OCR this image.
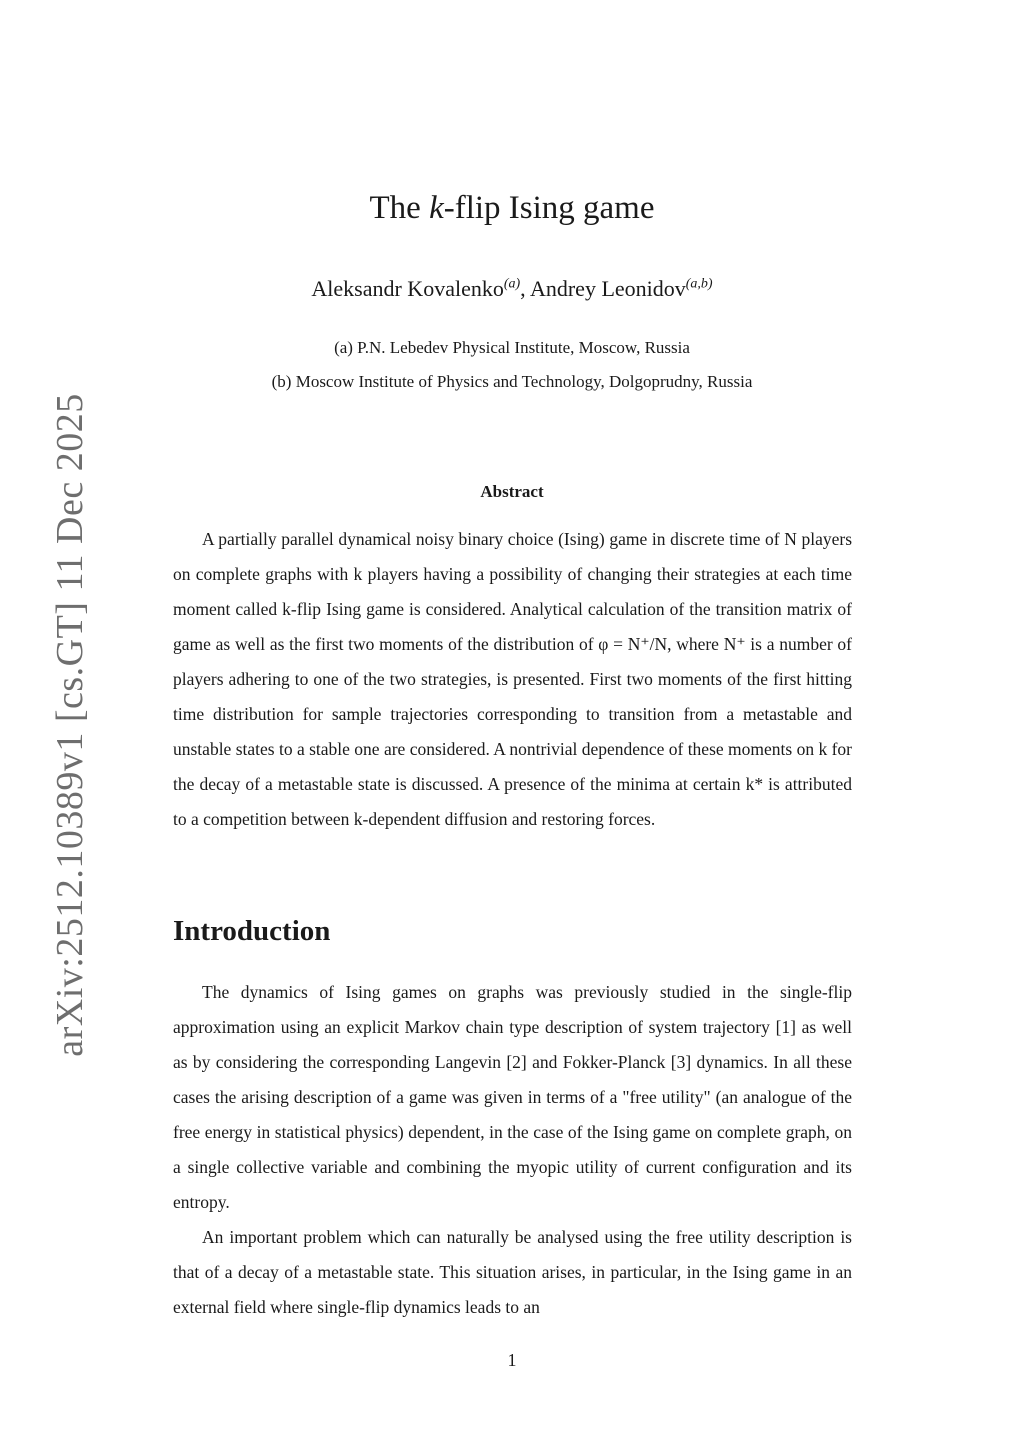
arXiv:2512.10389v1 [cs.GT] 11 Dec 2025
The k-flip Ising game
Aleksandr Kovalenko$^{(a)}$, Andrey Leonidov$^{(a,b)}$
(a) P.N. Lebedev Physical Institute, Moscow, Russia
(b) Moscow Institute of Physics and Technology, Dolgoprudny, Russia
Abstract

A partially parallel dynamical noisy binary choice (Ising) game in discrete time of N players on complete graphs with k players having a possibility of changing their strategies at each time moment called k-flip Ising game is considered. Analytical calculation of the transition matrix of game as well as the first two moments of the distribution of φ = N⁺/N, where N⁺ is a number of players adhering to one of the two strategies, is presented. First two moments of the first hitting time distribution for sample trajectories corresponding to transition from a metastable and unstable states to a stable one are considered. A nontrivial dependence of these moments on k for the decay of a metastable state is discussed. A presence of the minima at certain k* is attributed to a competition between k-dependent diffusion and restoring forces.

Introduction

The dynamics of Ising games on graphs was previously studied in the single-flip approximation using an explicit Markov chain type description of system trajectory [1] as well as by considering the corresponding Langevin [2] and Fokker-Planck [3] dynamics. In all these cases the arising description of a game was given in terms of a "free utility" (an analogue of the free energy in statistical physics) dependent, in the case of the Ising game on complete graph, on a single collective variable and combining the myopic utility of current configuration and its entropy.

An important problem which can naturally be analysed using the free utility description is that of a decay of a metastable state. This situation arises, in particular, in the Ising game in an external field where single-flip dynamics leads to an

1
